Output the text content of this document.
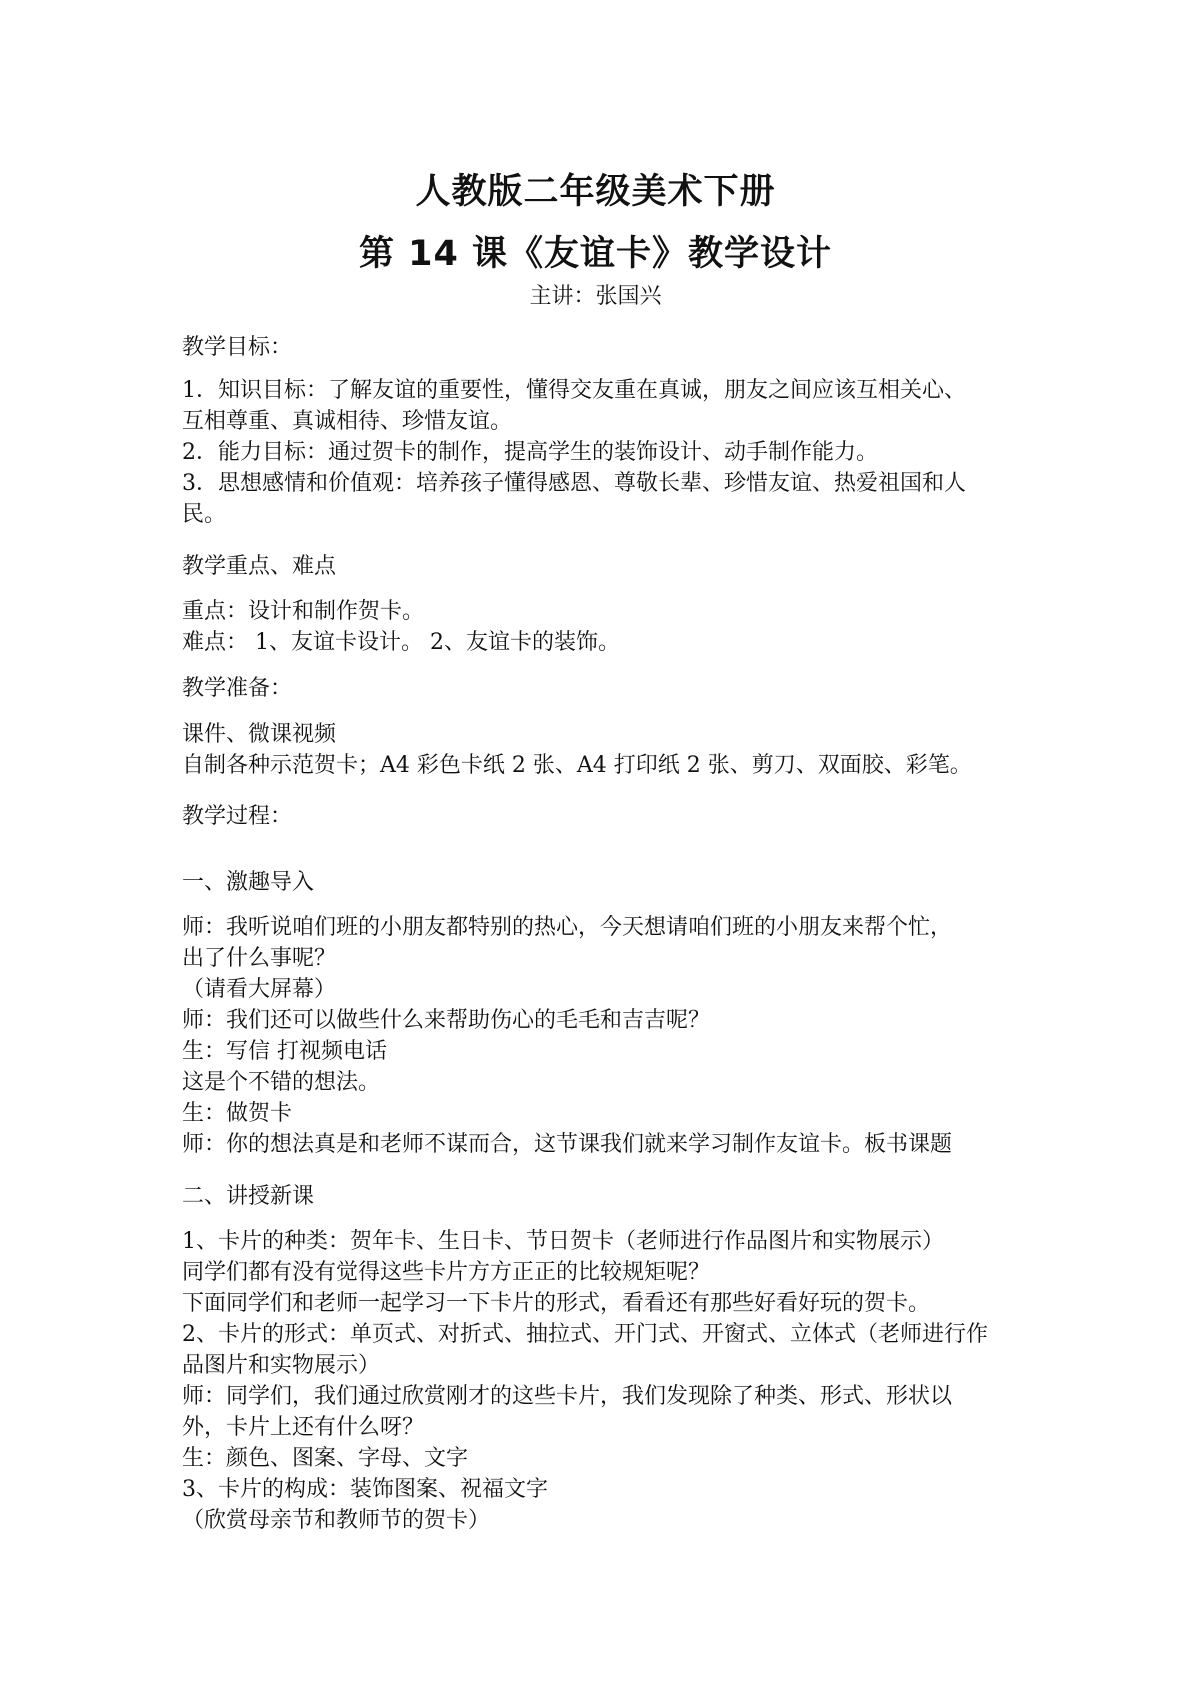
人教版二年级美术下册
第 14 课《友谊卡》教学设计
主讲：张国兴
教学目标：
1．知识目标：了解友谊的重要性，懂得交友重在真诚，朋友之间应该互相关心、
互相尊重、真诚相待、珍惜友谊。
2．能力目标：通过贺卡的制作，提高学生的装饰设计、动手制作能力。
3．思想感情和价值观：培养孩子懂得感恩、尊敬长辈、珍惜友谊、热爱祖国和人
民。
教学重点、难点
重点：设计和制作贺卡。
难点： 1、友谊卡设计。 2、友谊卡的装饰。
教学准备：
课件、微课视频
自制各种示范贺卡；A4 彩色卡纸 2 张、A4 打印纸 2 张、剪刀、双面胶、彩笔。
教学过程：
一、激趣导入
师：我听说咱们班的小朋友都特别的热心，今天想请咱们班的小朋友来帮个忙，
出了什么事呢？
（请看大屏幕）
师：我们还可以做些什么来帮助伤心的毛毛和吉吉呢？
生：写信 打视频电话
这是个不错的想法。
生：做贺卡
师：你的想法真是和老师不谋而合，这节课我们就来学习制作友谊卡。板书课题
二、讲授新课
1、卡片的种类：贺年卡、生日卡、节日贺卡（老师进行作品图片和实物展示）
同学们都有没有觉得这些卡片方方正正的比较规矩呢？
下面同学们和老师一起学习一下卡片的形式，看看还有那些好看好玩的贺卡。
2、卡片的形式：单页式、对折式、抽拉式、开门式、开窗式、立体式（老师进行作
品图片和实物展示）
师：同学们，我们通过欣赏刚才的这些卡片，我们发现除了种类、形式、形状以
外，卡片上还有什么呀？
生：颜色、图案、字母、文字
3、卡片的构成：装饰图案、祝福文字
（欣赏母亲节和教师节的贺卡）
